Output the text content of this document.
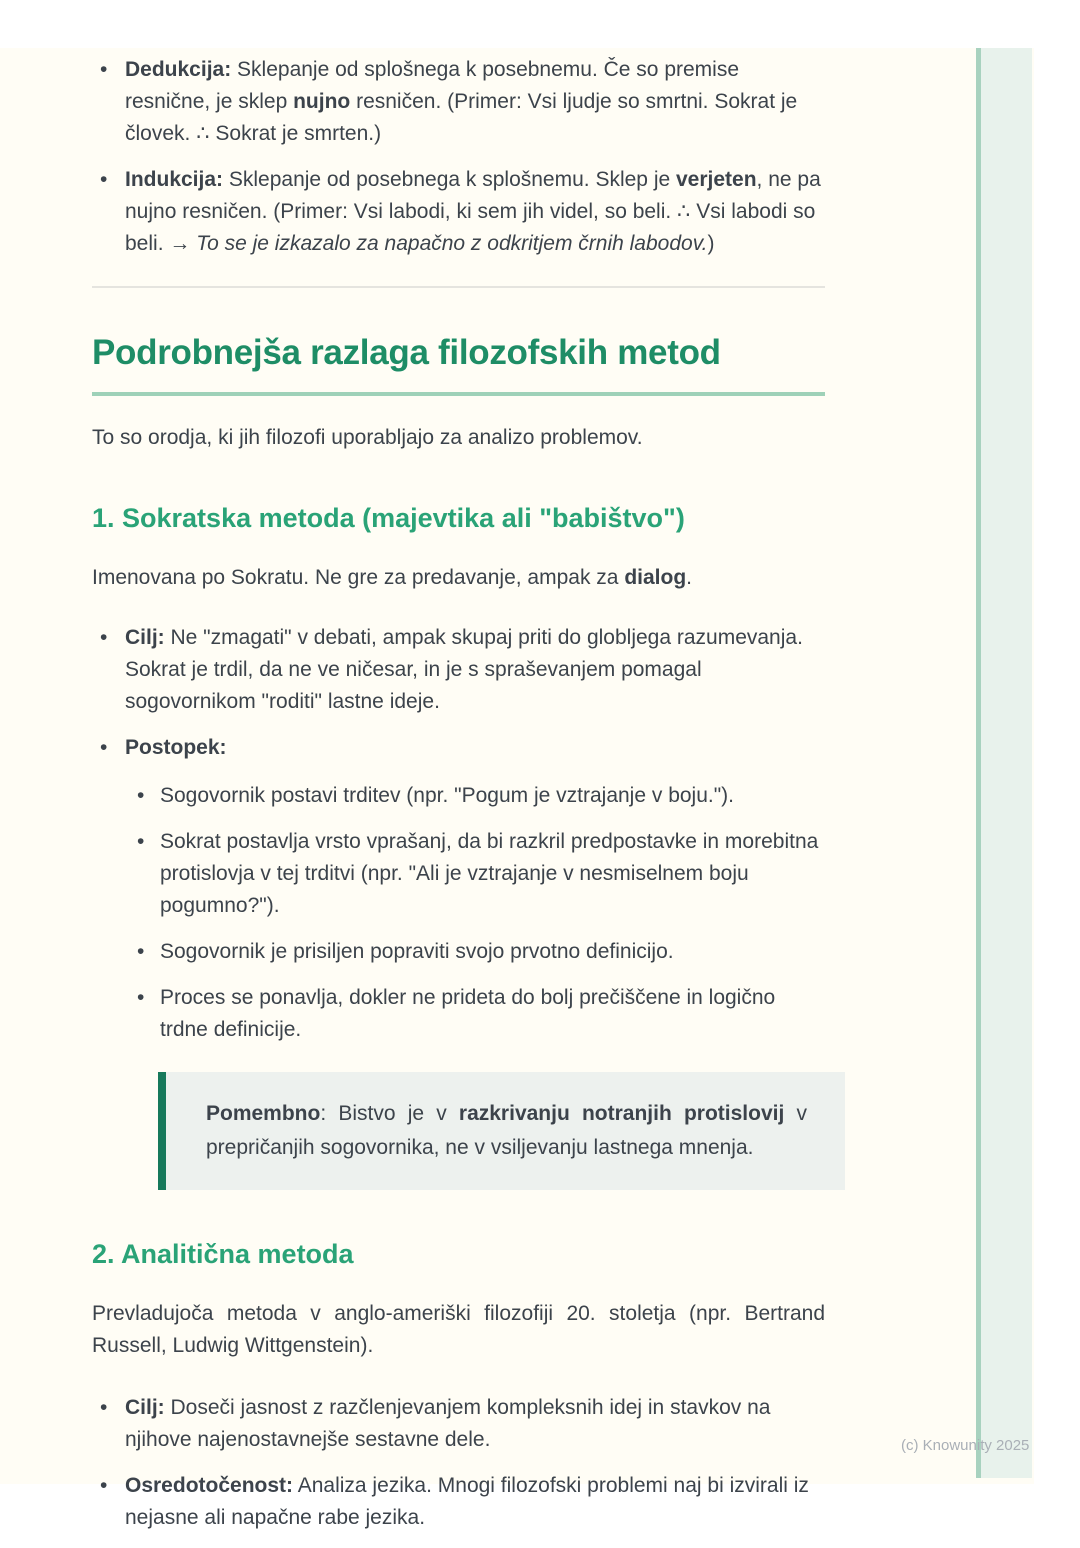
• Dedukcija: Sklepanje od splošnega k posebnemu. Če so premise resnične, je sklep nujno resničen. (Primer: Vsi ljudje so smrtni. Sokrat je človek. ∴ Sokrat je smrten.)
• Indukcija: Sklepanje od posebnega k splošnemu. Sklep je verjeten, ne pa nujno resničen. (Primer: Vsi labodi, ki sem jih videl, so beli. ∴ Vsi labodi so beli. → To se je izkazalo za napačno z odkritjem črnih labodov.)
Podrobnejša razlaga filozofskih metod

To so orodja, ki jih filozofi uporabljajo za analizo problemov.

1. Sokratska metoda (majevtika ali "babištvo")

Imenovana po Sokratu. Ne gre za predavanje, ampak za dialog.

• Cilj: Ne "zmagati" v debati, ampak skupaj priti do globljega razumevanja. Sokrat je trdil, da ne ve ničesar, in je s spraševanjem pomagal sogovornikom "roditi" lastne ideje.
• Postopek:
• Sogovornik postavi trditev (npr. "Pogum je vztrajanje v boju.").
• Sokrat postavlja vrsto vprašanj, da bi razkril predpostavke in morebitna protislovja v tej trditvi (npr. "Ali je vztrajanje v nesmiselnem boju pogumno?").
• Sogovornik je prisiljen popraviti svojo prvotno definicijo.
• Proces se ponavlja, dokler ne prideta do bolj prečiščene in logično trdne definicije.

Pomembno: Bistvo je v razkrivanju notranjih protislovij v prepričanjih sogovornika, ne v vsiljevanju lastnega mnenja.

2. Analitična metoda

Prevladujoča metoda v anglo-ameriški filozofiji 20. stoletja (npr. Bertrand Russell, Ludwig Wittgenstein).

• Cilj: Doseči jasnost z razčlenjevanjem kompleksnih idej in stavkov na njihove najenostavnejše sestavne dele.
• Osredotočenost: Analiza jezika. Mnogi filozofski problemi naj bi izvirali iz nejasne ali napačne rabe jezika.
(c) Knowunity 2025
